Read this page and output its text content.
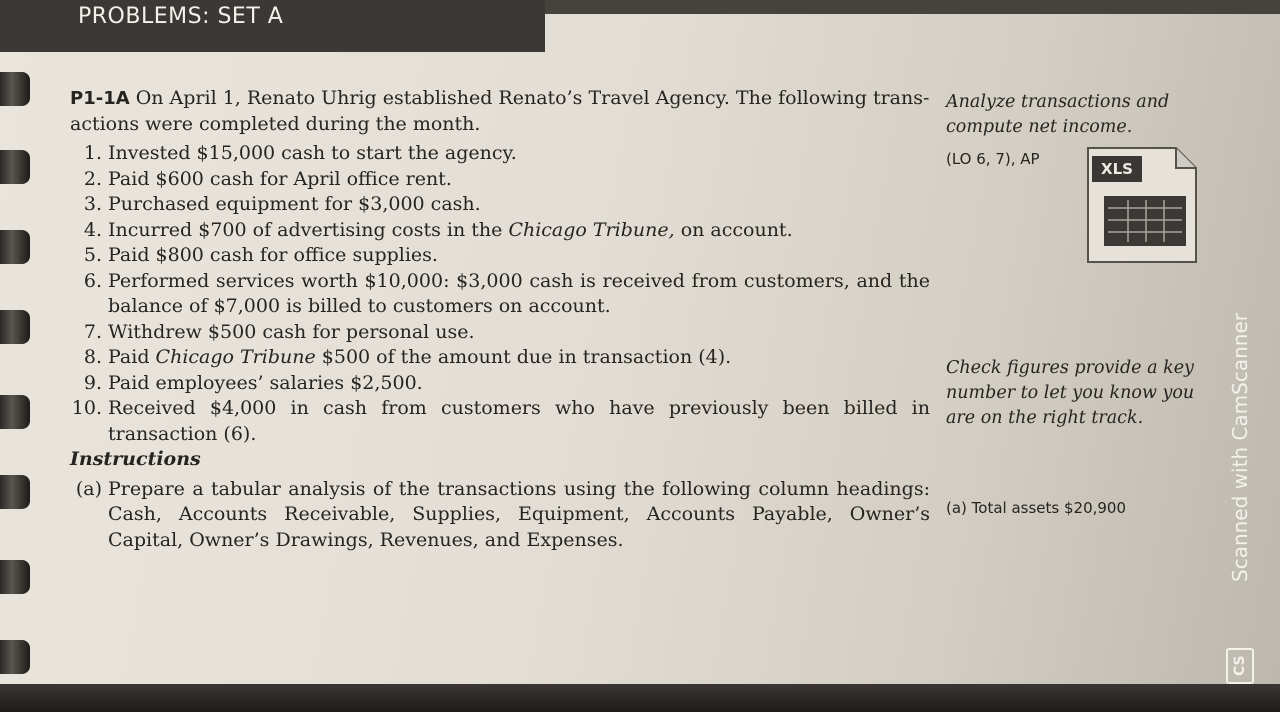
PROBLEMS: SET A

P1-1A On April 1, Renato Uhrig established Renato’s Travel Agency. The following trans-actions were completed during the month.

1. Invested $15,000 cash to start the agency.
2. Paid $600 cash for April office rent.
3. Purchased equipment for $3,000 cash.
4. Incurred $700 of advertising costs in the Chicago Tribune, on account.
5. Paid $800 cash for office supplies.
6. Performed services worth $10,000: $3,000 cash is received from customers, and the balance of $7,000 is billed to customers on account.
7. Withdrew $500 cash for personal use.
8. Paid Chicago Tribune $500 of the amount due in transaction (4).
9. Paid employees’ salaries $2,500.
10. Received $4,000 in cash from customers who have previously been billed in transaction (6).

Instructions

(a) Prepare a tabular analysis of the transactions using the following column headings: Cash, Accounts Receivable, Supplies, Equipment, Accounts Payable, Owner’s Capital, Owner’s Drawings, Revenues, and Expenses.
Analyze transactions and compute net income.
(LO 6, 7), AP
XLS
Check figures provide a key number to let you know you are on the right track.
(a) Total assets $20,900	Scanned with CamScanner
CS
